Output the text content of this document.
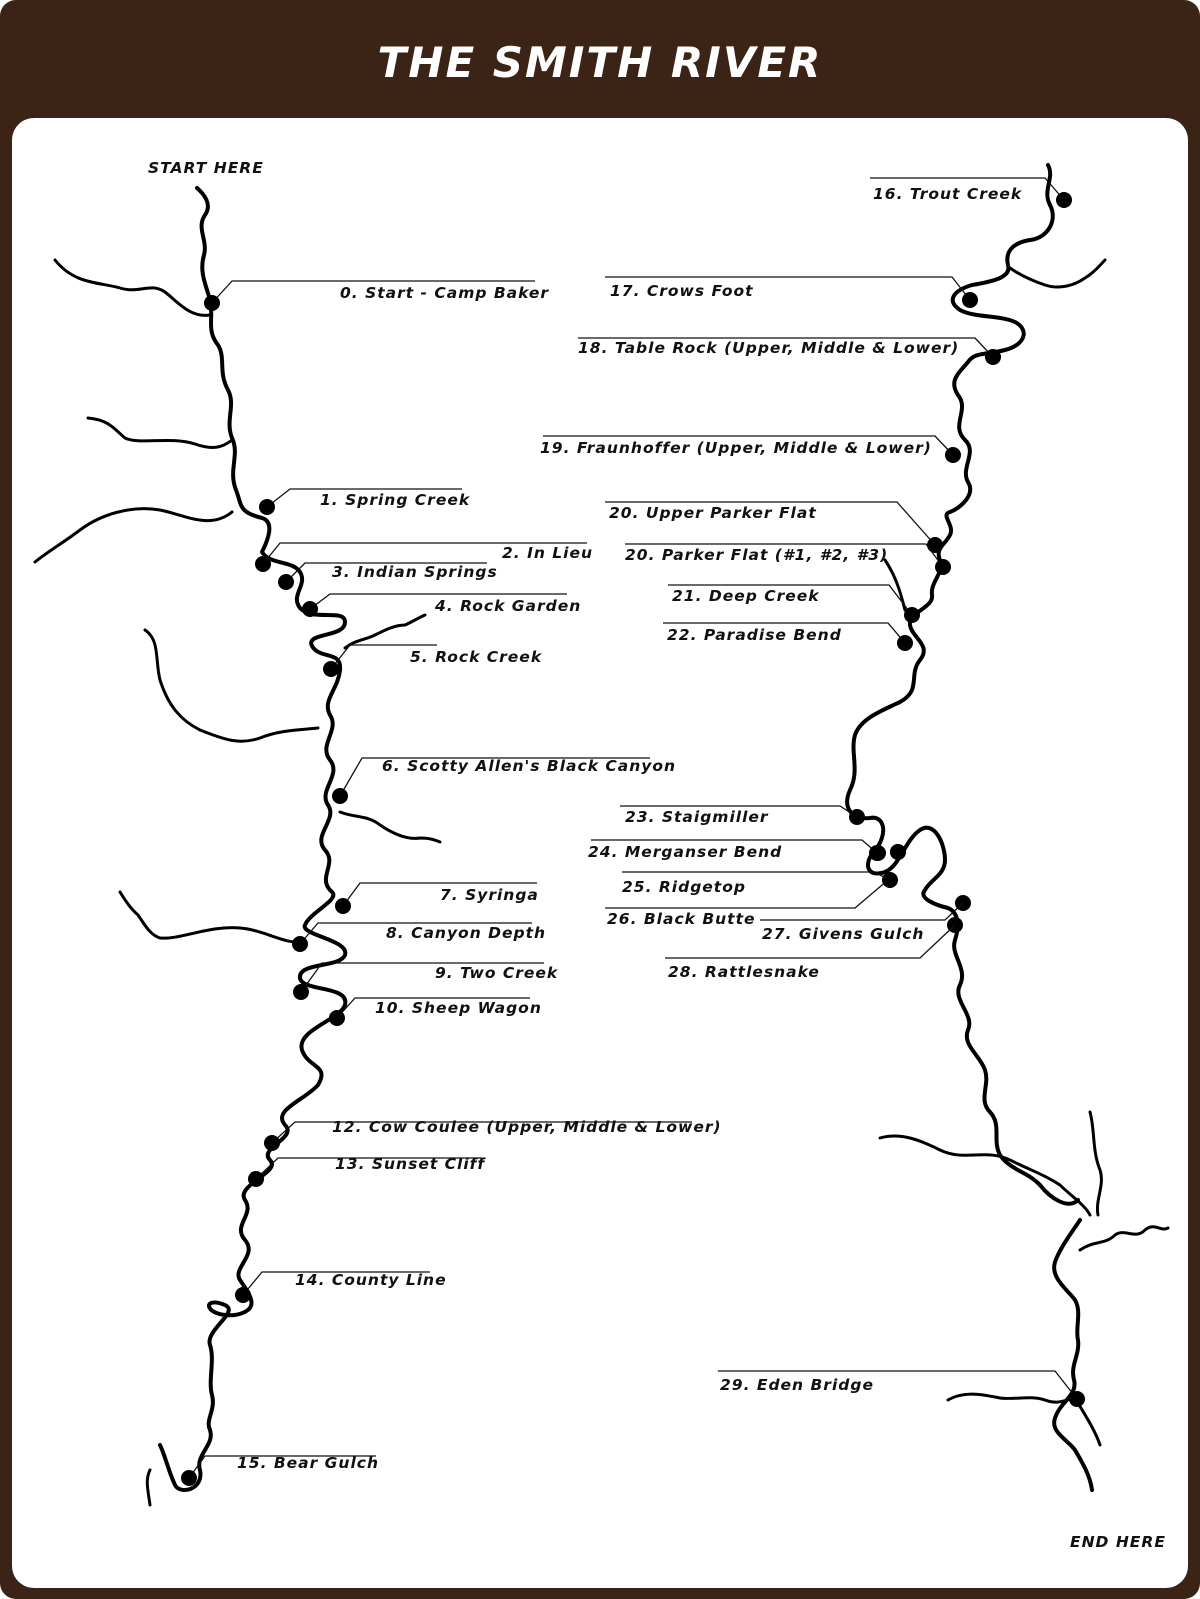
THE SMITH RIVER
START HERE
END HERE
0. Start - Camp Baker
1. Spring Creek
2. In Lieu
3. Indian Springs
4. Rock Garden
5. Rock Creek
6. Scotty Allen's Black Canyon
7. Syringa
8. Canyon Depth
9. Two Creek
10. Sheep Wagon
12. Cow Coulee (Upper, Middle & Lower)
13. Sunset Cliff
14. County Line
15. Bear Gulch
16. Trout Creek
17. Crows Foot
18. Table Rock (Upper, Middle & Lower)
19. Fraunhoffer (Upper, Middle & Lower)
20. Upper Parker Flat
20. Parker Flat (#1, #2, #3)
21. Deep Creek
22. Paradise Bend
23. Staigmiller
24. Merganser Bend
25. Ridgetop
26. Black Butte
27. Givens Gulch
28. Rattlesnake
29. Eden Bridge
